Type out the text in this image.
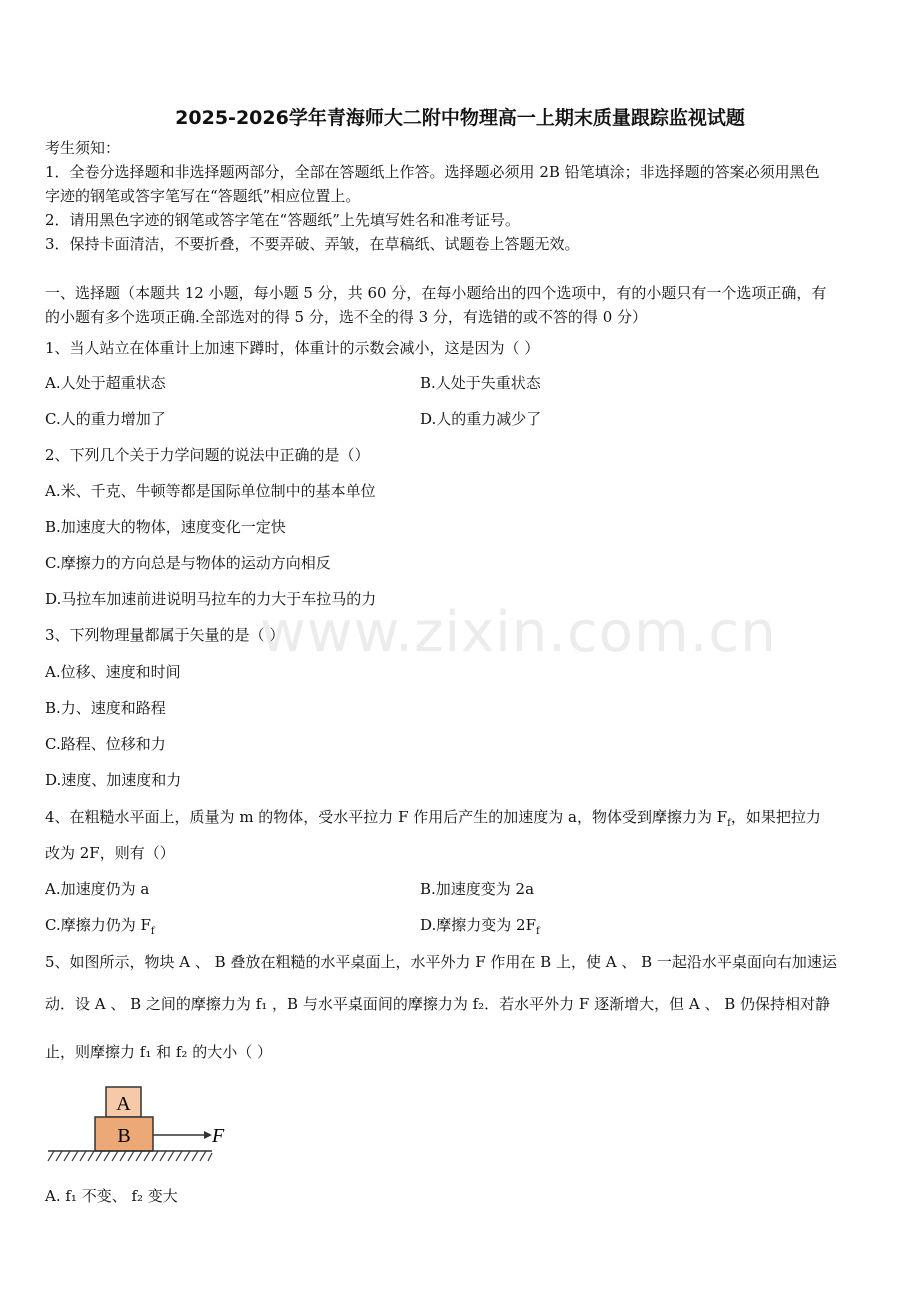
2025-2026学年青海师大二附中物理高一上期末质量跟踪监视试题
考生须知：
1．全卷分选择题和非选择题两部分，全部在答题纸上作答。选择题必须用 2B 铅笔填涂；非选择题的答案必须用黑色
字迹的钢笔或答字笔写在“答题纸”相应位置上。
2．请用黑色字迹的钢笔或答字笔在“答题纸”上先填写姓名和准考证号。
3．保持卡面清洁，不要折叠，不要弄破、弄皱，在草稿纸、试题卷上答题无效。
一、选择题（本题共 12 小题，每小题 5 分，共 60 分，在每小题给出的四个选项中，有的小题只有一个选项正确，有
的小题有多个选项正确.全部选对的得 5 分，选不全的得 3 分，有选错的或不答的得 0 分）
1、当人站立在体重计上加速下蹲时，体重计的示数会减小，这是因为（ ）
A.人处于超重状态	B.人处于失重状态
C.人的重力增加了	D.人的重力减少了
2、下列几个关于力学问题的说法中正确的是（）
A.米、千克、牛顿等都是国际单位制中的基本单位
B.加速度大的物体，速度变化一定快
C.摩擦力的方向总是与物体的运动方向相反
D.马拉车加速前进说明马拉车的力大于车拉马的力
3、下列物理量都属于矢量的是（ ）
A.位移、速度和时间
B.力、速度和路程
C.路程、位移和力
D.速度、加速度和力
4、在粗糙水平面上，质量为 m 的物体，受水平拉力 F 作用后产生的加速度为 a，物体受到摩擦力为 $F_f$，如果把拉力
改为 2F，则有（）
A.加速度仍为 a	B.加速度变为 2a
C.摩擦力仍为 $F_f$	D.摩擦力变为 $2F_f$
5、如图所示，物块 A 、 B 叠放在粗糙的水平桌面上，水平外力 F 作用在 B 上，使 A 、 B 一起沿水平桌面向右加速运
动．设 A 、 B 之间的摩擦力为 f₁ ，B 与水平桌面间的摩擦力为 f₂．若水平外力 F 逐渐增大，但 A 、 B 仍保持相对静
止，则摩擦力 f₁ 和 f₂ 的大小（ ）
A
B	F
A. f₁ 不变、 f₂ 变大
www.zixin.com.cn
